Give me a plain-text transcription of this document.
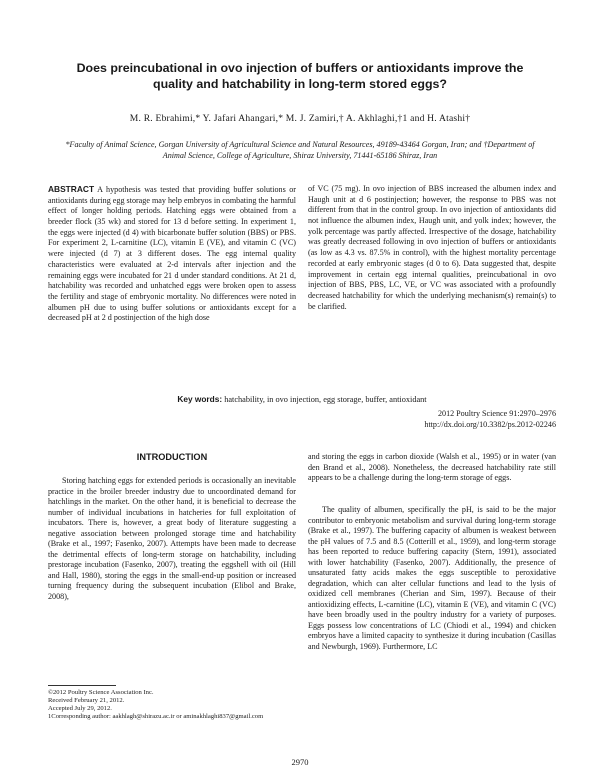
Does preincubational in ovo injection of buffers or antioxidants improve the quality and hatchability in long-term stored eggs?
M. R. Ebrahimi,* Y. Jafari Ahangari,* M. J. Zamiri,† A. Akhlaghi,†1 and H. Atashi†
*Faculty of Animal Science, Gorgan University of Agricultural Science and Natural Resources, 49189-43464 Gorgan, Iran; and †Department of Animal Science, College of Agriculture, Shiraz University, 71441-65186 Shiraz, Iran

ABSTRACT A hypothesis was tested that providing buffer solutions or antioxidants during egg storage may help embryos in combating the harmful effect of longer holding periods. Hatching eggs were obtained from a breeder flock (35 wk) and stored for 13 d before setting. In experiment 1, the eggs were injected (d 4) with bicarbonate buffer solution (BBS) or PBS. For experiment 2, L-carnitine (LC), vitamin E (VE), and vitamin C (VC) were injected (d 7) at 3 different doses. The egg internal quality characteristics were evaluated at 2-d intervals after injection and the remaining eggs were incubated for 21 d under standard conditions. At 21 d, hatchability was recorded and unhatched eggs were broken open to assess the fertility and stage of embryonic mortality. No differences were noted in albumen pH due to using buffer solutions or antioxidants except for a decreased pH at 2 d postinjection of the high dose

of VC (75 mg). In ovo injection of BBS increased the albumen index and Haugh unit at d 6 postinjection; however, the response to PBS was not different from that in the control group. In ovo injection of antioxidants did not influence the albumen index, Haugh unit, and yolk index; however, the yolk percentage was partly affected. Irrespective of the dosage, hatchability was greatly decreased following in ovo injection of buffers or antioxidants (as low as 4.3 vs. 87.5% in control), with the highest mortality percentage recorded at early embryonic stages (d 0 to 6). Data suggested that, despite improvement in certain egg internal qualities, preincubational in ovo injection of BBS, PBS, LC, VE, or VC was associated with a profoundly decreased hatchability for which the underlying mechanism(s) remain(s) to be clarified.

Key words: hatchability, in ovo injection, egg storage, buffer, antioxidant
2012 Poultry Science 91:2970–2976
http://dx.doi.org/10.3382/ps.2012-02246
INTRODUCTION

Storing hatching eggs for extended periods is occasionally an inevitable practice in the broiler breeder industry due to uncoordinated demand for hatchlings in the market. On the other hand, it is beneficial to decrease the number of individual incubations in hatcheries for full exploitation of incubators. There is, however, a great body of literature suggesting a negative association between prolonged storage time and hatchability (Brake et al., 1997; Fasenko, 2007). Attempts have been made to decrease the detrimental effects of long-term storage on hatchability, including prestorage incubation (Fasenko, 2007), treating the eggshell with oil (Hill and Hall, 1980), storing the eggs in the small-end-up position or increased turning frequency during the subsequent incubation (Elibol and Brake, 2008),

and storing the eggs in carbon dioxide (Walsh et al., 1995) or in water (van den Brand et al., 2008). Nonetheless, the decreased hatchability rate still appears to be a challenge during the long-term storage of eggs.

The quality of albumen, specifically the pH, is said to be the major contributor to embryonic metabolism and survival during long-term storage (Brake et al., 1997). The buffering capacity of albumen is weakest between the pH values of 7.5 and 8.5 (Cotterill et al., 1959), and long-term storage has been reported to reduce buffering capacity (Stern, 1991), associated with lower hatchability (Fasenko, 2007). Additionally, the presence of unsaturated fatty acids makes the eggs susceptible to peroxidative degradation, which can alter cellular functions and lead to the lysis of oxidized cell membranes (Cherian and Sim, 1997). Because of their antioxidizing effects, L-carnitine (LC), vitamin E (VE), and vitamin C (VC) have been broadly used in the poultry industry for a variety of purposes. Eggs possess low concentrations of LC (Chiodi et al., 1994) and chicken embryos have a limited capacity to synthesize it during incubation (Casillas and Newburgh, 1969). Furthermore, LC

©2012 Poultry Science Association Inc.
Received February 21, 2012.
Accepted July 29, 2012.
1Corresponding author: aakhlagh@shirazu.ac.ir or aminakhlaghi837@gmail.com
2970
